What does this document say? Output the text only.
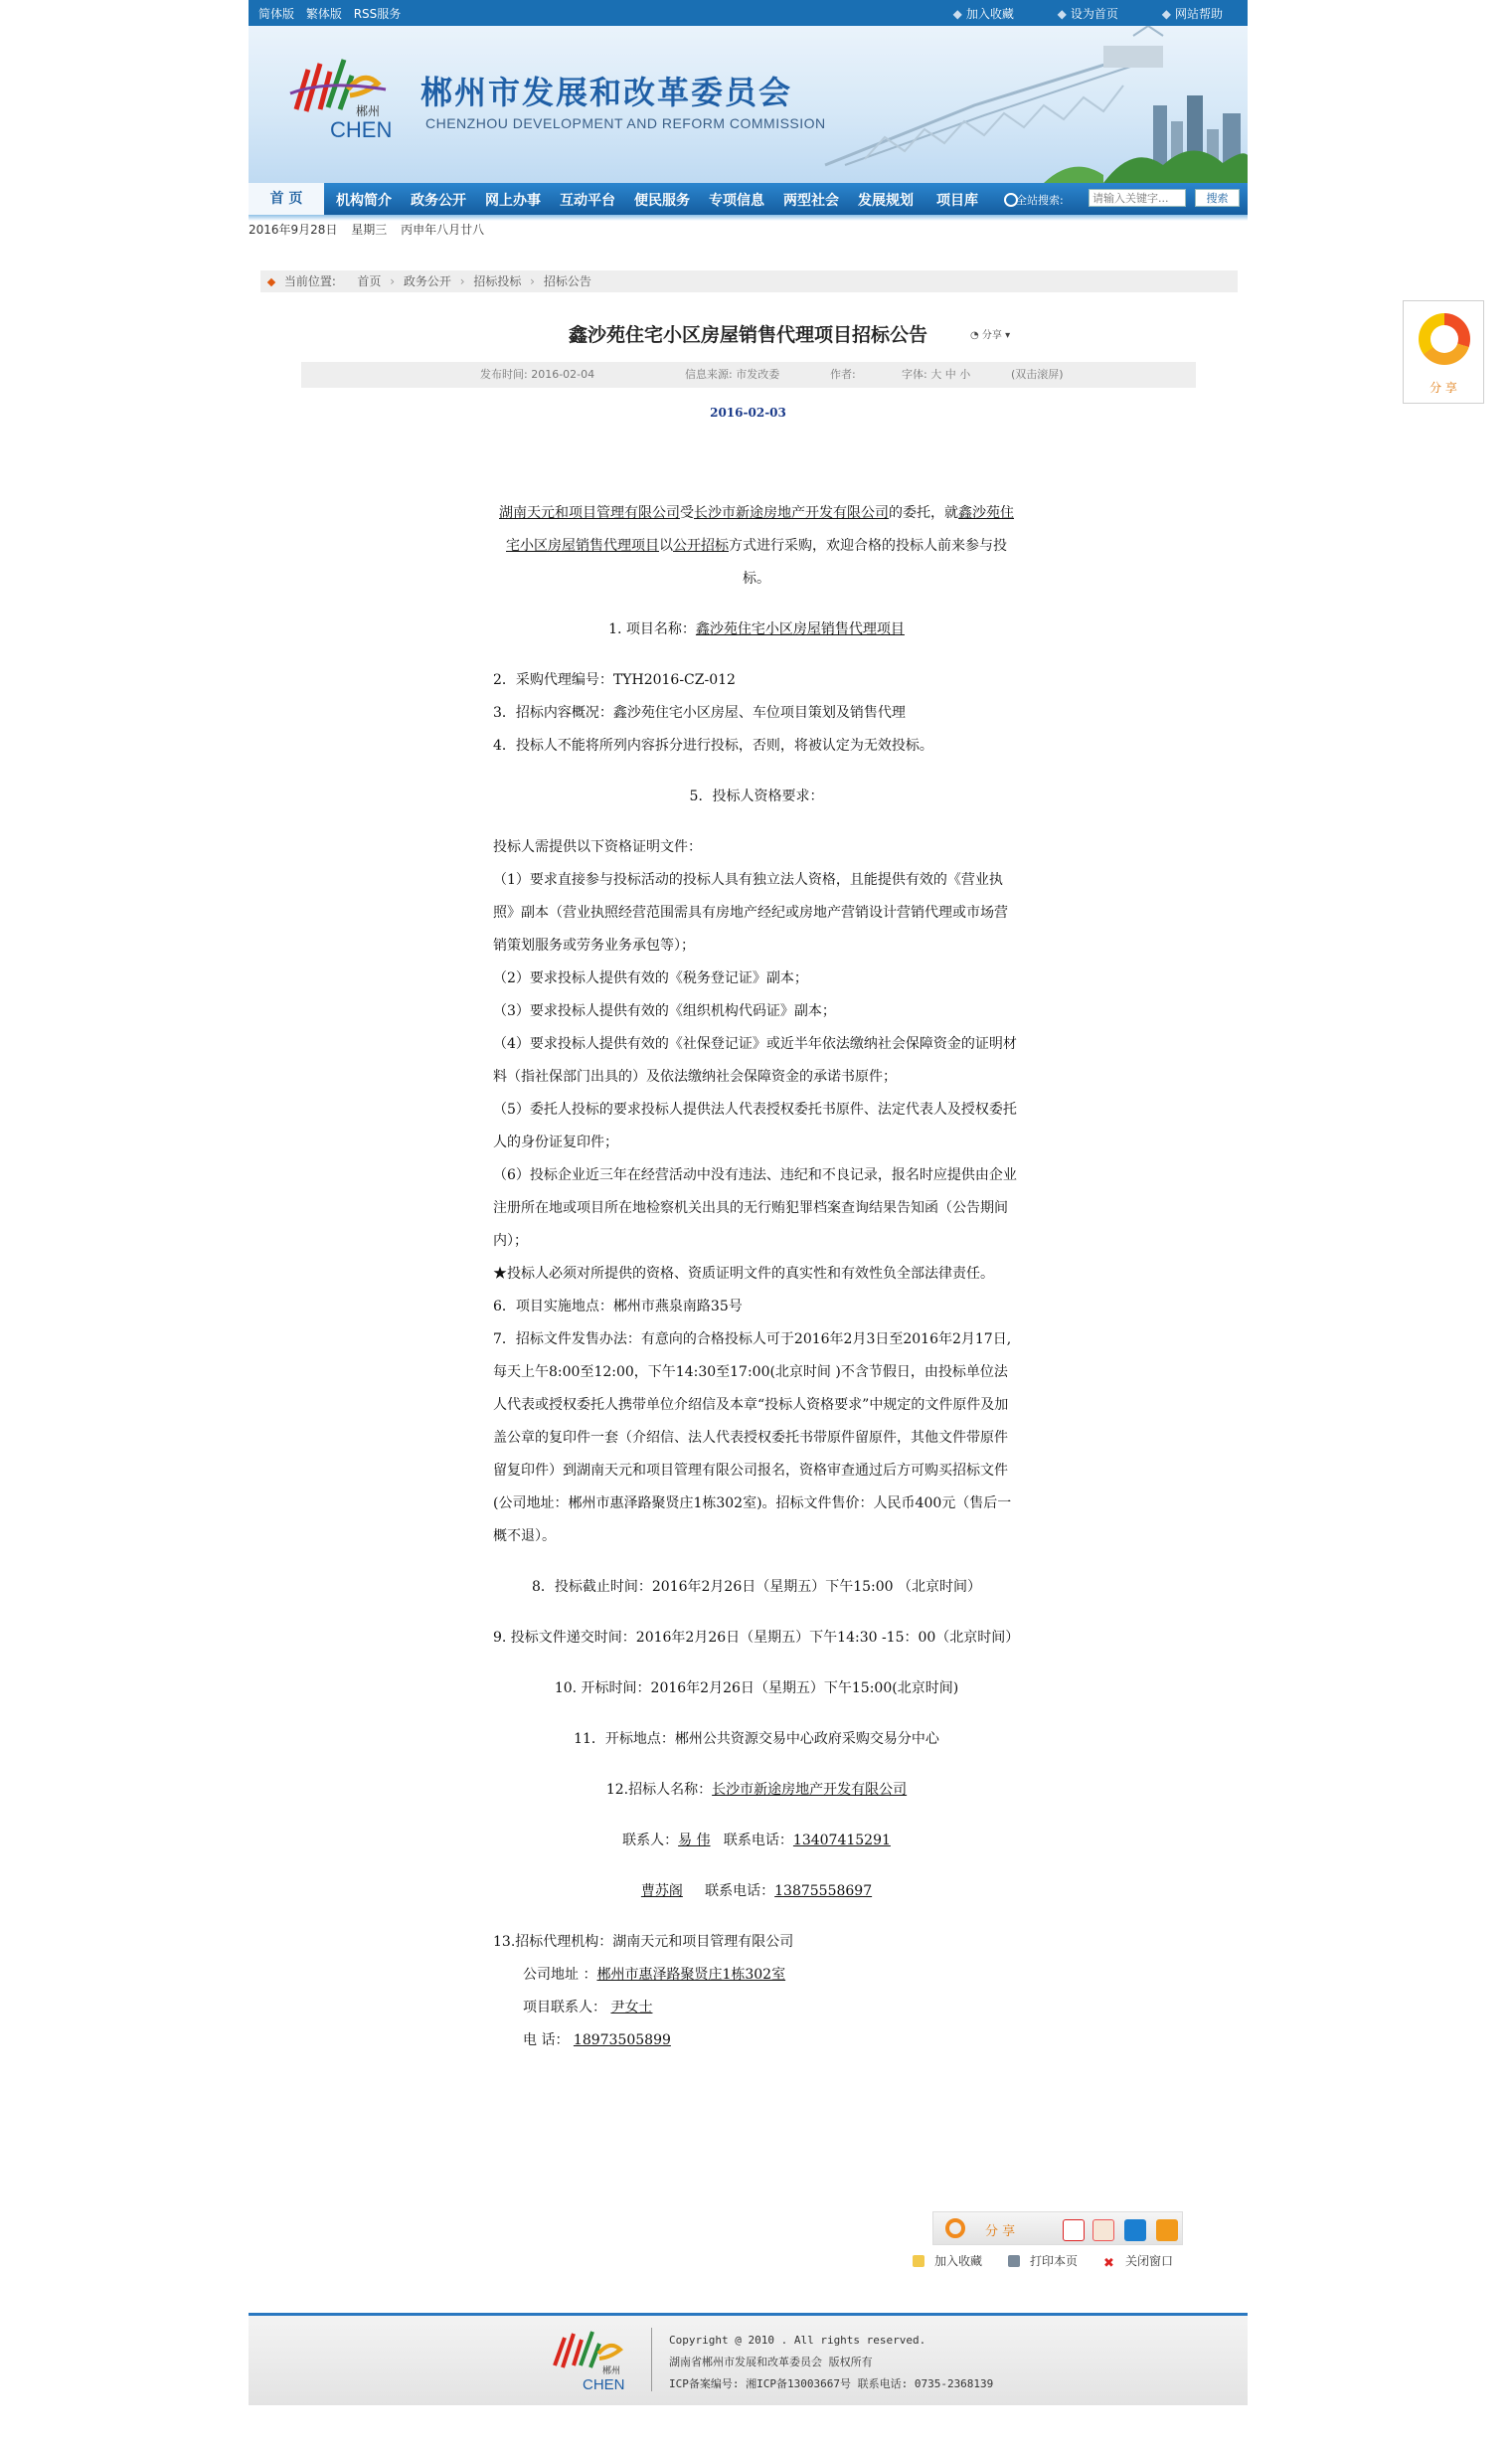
简体版 繁体版 RSS服务	◆ 加入收藏	◆ 设为首页	◆ 网站帮助
郴州
CHEN
郴州市发展和改革委员会
CHENZHOU DEVELOPMENT AND REFORM COMMISSION
首 页	机构简介 政务公开 网上办事 互动平台 便民服务 专项信息 两型社会 发展规划 项目库	全站搜索:
请输入关键字...	搜索
2016年9月28日 星期三 丙申年八月廿八
当前位置: 首页 › 政务公开 › 招标投标 › 招标公告
鑫沙苑住宅小区房屋销售代理项目招标公告	◔ 分享 ▾
发布时间: 2016-02-04	信息来源: 市发改委	作者:	字体: 大 中 小	(双击滚屏)
2016-02-03

湖南天元和项目管理有限公司受长沙市新途房地产开发有限公司的委托，就鑫沙苑住宅小区房屋销售代理项目以公开招标方式进行采购，欢迎合格的投标人前来参与投标。

1. 项目名称：鑫沙苑住宅小区房屋销售代理项目

2．采购代理编号：TYH2016-CZ-012

3．招标内容概况：鑫沙苑住宅小区房屋、车位项目策划及销售代理

4．投标人不能将所列内容拆分进行投标，否则，将被认定为无效投标。

5．投标人资格要求：

投标人需提供以下资格证明文件：

（1）要求直接参与投标活动的投标人具有独立法人资格，且能提供有效的《营业执照》副本（营业执照经营范围需具有房地产经纪或房地产营销设计营销代理或市场营销策划服务或劳务业务承包等）；

（2）要求投标人提供有效的《税务登记证》副本；

（3）要求投标人提供有效的《组织机构代码证》副本；

（4）要求投标人提供有效的《社保登记证》或近半年依法缴纳社会保障资金的证明材料（指社保部门出具的）及依法缴纳社会保障资金的承诺书原件；

（5）委托人投标的要求投标人提供法人代表授权委托书原件、法定代表人及授权委托人的身份证复印件；

（6）投标企业近三年在经营活动中没有违法、违纪和不良记录，报名时应提供由企业注册所在地或项目所在地检察机关出具的无行贿犯罪档案查询结果告知函（公告期间内）；

★投标人必须对所提供的资格、资质证明文件的真实性和有效性负全部法律责任。

6．项目实施地点：郴州市燕泉南路35号

7．招标文件发售办法：有意向的合格投标人可于2016年2月3日至2016年2月17日,每天上午8:00至12:00，下午14:30至17:00(北京时间 )不含节假日，由投标单位法人代表或授权委托人携带单位介绍信及本章“投标人资格要求”中规定的文件原件及加盖公章的复印件一套（介绍信、法人代表授权委托书带原件留原件，其他文件带原件留复印件）到湖南天元和项目管理有限公司报名，资格审查通过后方可购买招标文件(公司地址：郴州市惠泽路聚贤庄1栋302室)。招标文件售价：人民币400元（售后一概不退）。

8．投标截止时间：2016年2月26日（星期五）下午15:00 （北京时间）

9. 投标文件递交时间：2016年2月26日（星期五）下午14:30 -15：00（北京时间）

10. 开标时间：2016年2月26日（星期五）下午15:00(北京时间)

11．开标地点：郴州公共资源交易中心政府采购交易分中心

12.招标人名称：长沙市新途房地产开发有限公司

联系人：易 伟 联系电话：13407415291

曹苏阁 联系电话：13875558697

13.招标代理机构：湖南天元和项目管理有限公司

公司地址 ：郴州市惠泽路聚贤庄1栋302室

项目联系人： 尹女士

电 话： 18973505899

分 享
加入收藏	打印本页 ✖ 关闭窗口
郴州
CHEN
Copyright @ 2010 . All rights reserved.
湖南省郴州市发展和改革委员会 版权所有
ICP备案编号: 湘ICP备13003667号 联系电话: 0735-2368139
分 享
